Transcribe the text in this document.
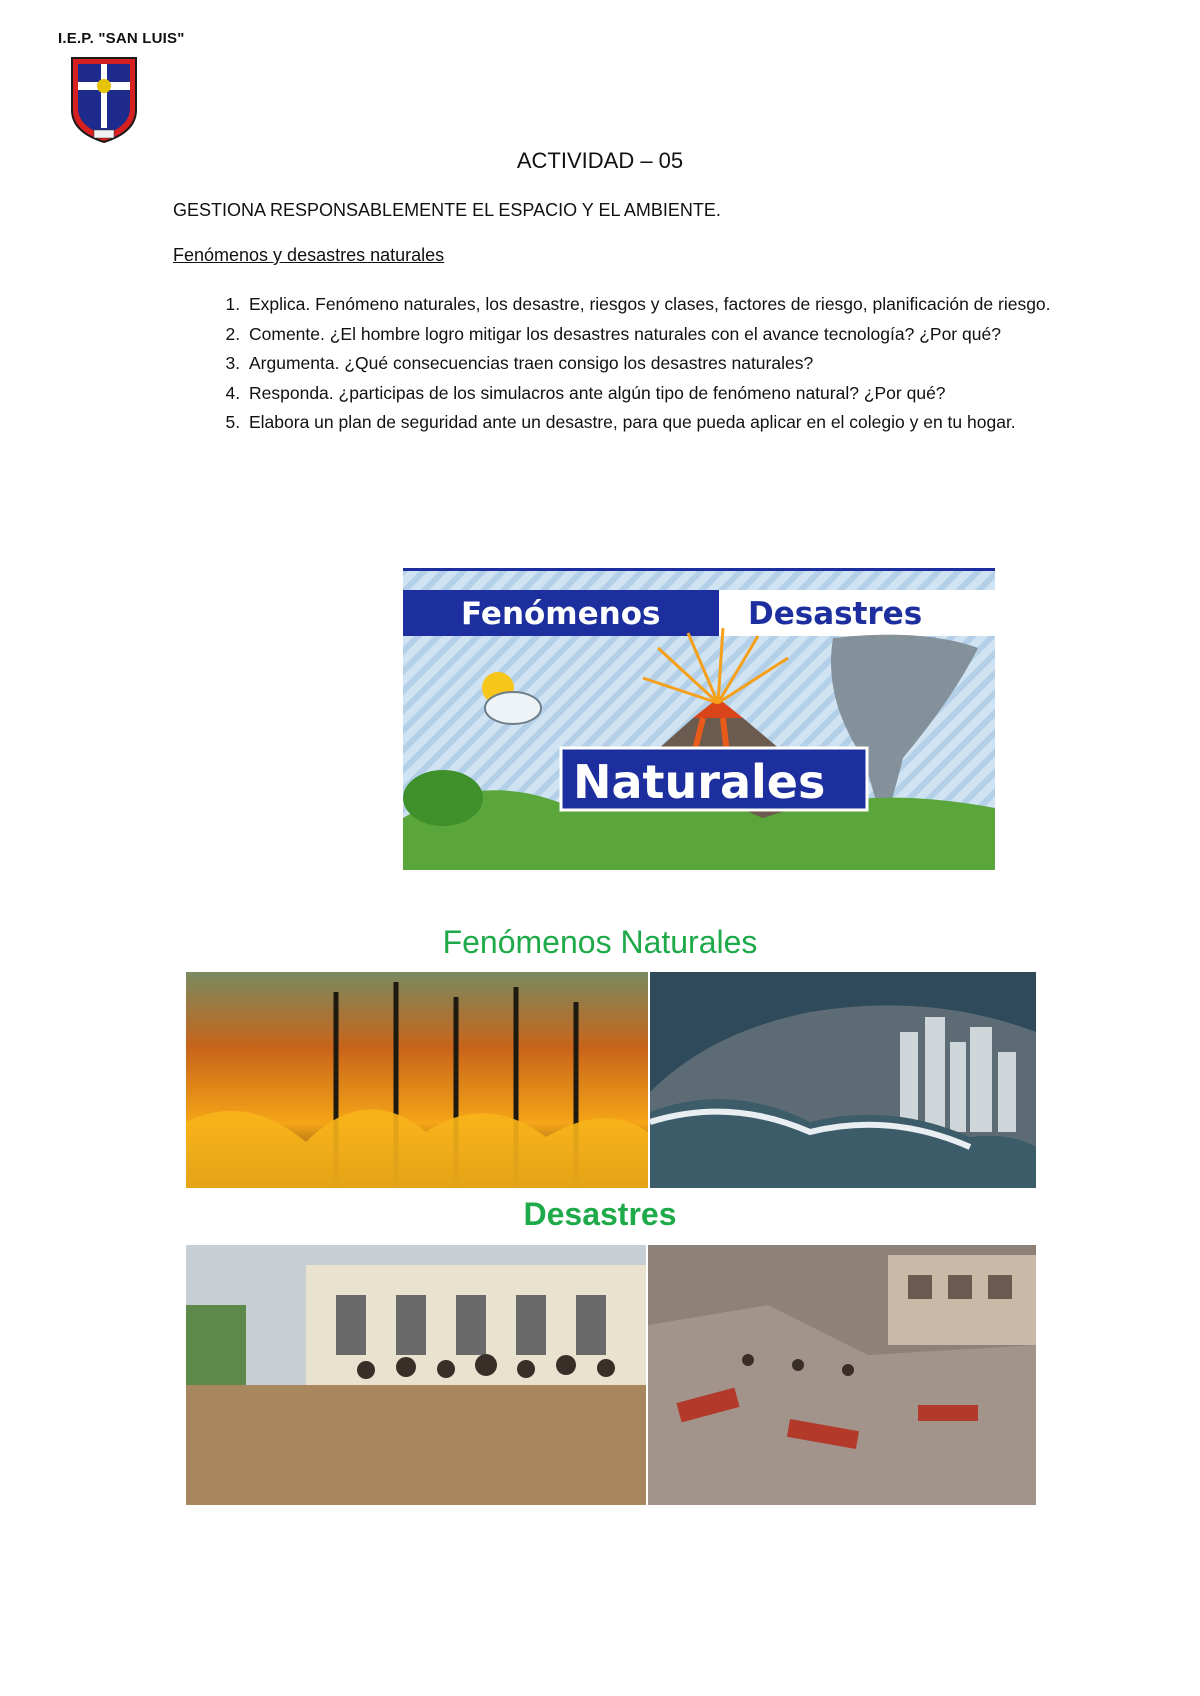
I.E.P. "SAN LUIS"
ACTIVIDAD – 05
GESTIONA RESPONSABLEMENTE EL ESPACIO Y EL AMBIENTE.
Fenómenos y desastres naturales
1. Explica. Fenómeno naturales, los desastre, riesgos y clases, factores de riesgo, planificación de riesgo.
2. Comente. ¿El hombre logro mitigar los desastres naturales con el avance tecnología? ¿Por qué?
3. Argumenta. ¿Qué consecuencias traen consigo los desastres naturales?
4. Responda. ¿participas de los simulacros ante algún tipo de fenómeno natural? ¿Por qué?
5. Elabora un plan de seguridad ante un desastre, para que pueda aplicar en el colegio y en tu hogar.
Fenómenos	Desastres
Naturales
Fenómenos Naturales
Desastres
